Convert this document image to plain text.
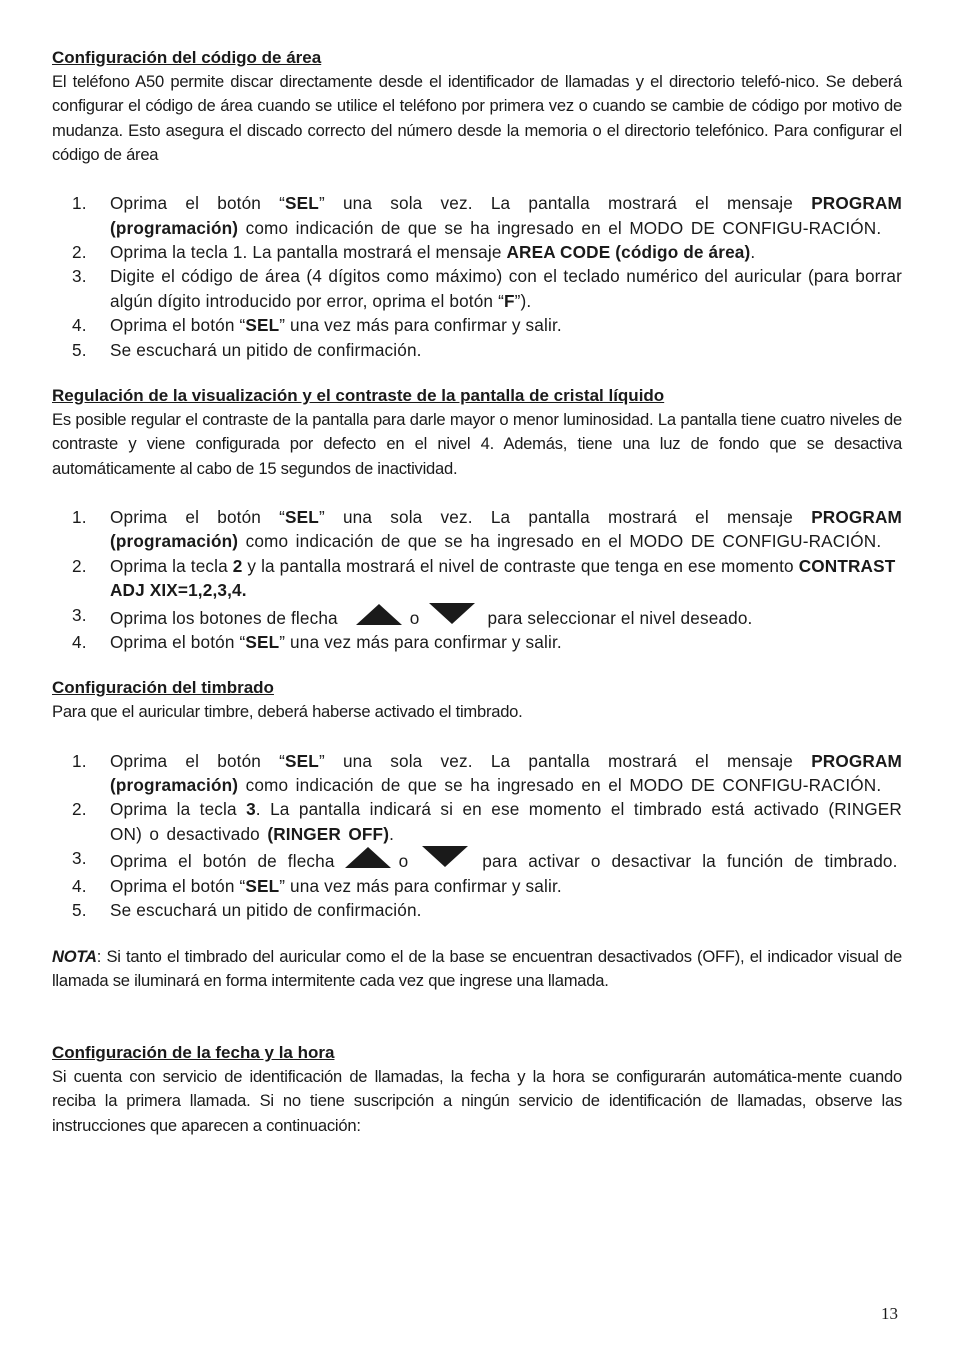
Configuración del código de área

El teléfono A50 permite discar directamente desde el identificador de llamadas y el directorio telefó-nico. Se deberá configurar el código de área cuando se utilice el teléfono por primera vez o cuando se cambie de código por motivo de mudanza. Esto asegura el discado correcto del número desde la memoria o el directorio telefónico. Para configurar el código de área

1. Oprima el botón “SEL” una sola vez. La pantalla mostrará el mensaje PROGRAM (programación) como indicación de que se ha ingresado en el MODO DE CONFIGU-RACIÓN.
2. Oprima la tecla 1. La pantalla mostrará el mensaje AREA CODE (código de área).
3. Digite el código de área (4 dígitos como máximo) con el teclado numérico del auricular (para borrar algún dígito introducido por error, oprima el botón “F”).
4. Oprima el botón “SEL” una vez más para confirmar y salir.
5. Se escuchará un pitido de confirmación.
Regulación de la visualización y el contraste de la pantalla de cristal líquido

Es posible regular el contraste de la pantalla para darle mayor o menor luminosidad. La pantalla tiene cuatro niveles de contraste y viene configurada por defecto en el nivel 4. Además, tiene una luz de fondo que se desactiva automáticamente al cabo de 15 segundos de inactividad.

1. Oprima el botón “SEL” una sola vez. La pantalla mostrará el mensaje PROGRAM (programación) como indicación de que se ha ingresado en el MODO DE CONFIGU-RACIÓN.
2. Oprima la tecla 2 y la pantalla mostrará el nivel de contraste que tenga en ese momento CONTRAST ADJ XIX=1,2,3,4.
3. Oprima los botones de flecha	o	para seleccionar el nivel deseado.
4. Oprima el botón “SEL” una vez más para confirmar y salir.
Configuración del timbrado

Para que el auricular timbre, deberá haberse activado el timbrado.

1. Oprima el botón “SEL” una sola vez. La pantalla mostrará el mensaje PROGRAM (programación) como indicación de que se ha ingresado en el MODO DE CONFIGU-RACIÓN.
2. Oprima la tecla 3. La pantalla indicará si en ese momento el timbrado está activado (RINGER ON) o desactivado (RINGER OFF).
3. Oprima el botón de flecha	o	para activar o desactivar la función de timbrado.
4. Oprima el botón “SEL” una vez más para confirmar y salir.
5. Se escuchará un pitido de confirmación.

NOTA: Si tanto el timbrado del auricular como el de la base se encuentran desactivados (OFF), el indicador visual de llamada se iluminará en forma intermitente cada vez que ingrese una llamada.

Configuración de la fecha y la hora

Si cuenta con servicio de identificación de llamadas, la fecha y la hora se configurarán automática-mente cuando reciba la primera llamada. Si no tiene suscripción a ningún servicio de identificación de llamadas, observe las instrucciones que aparecen a continuación:

13
